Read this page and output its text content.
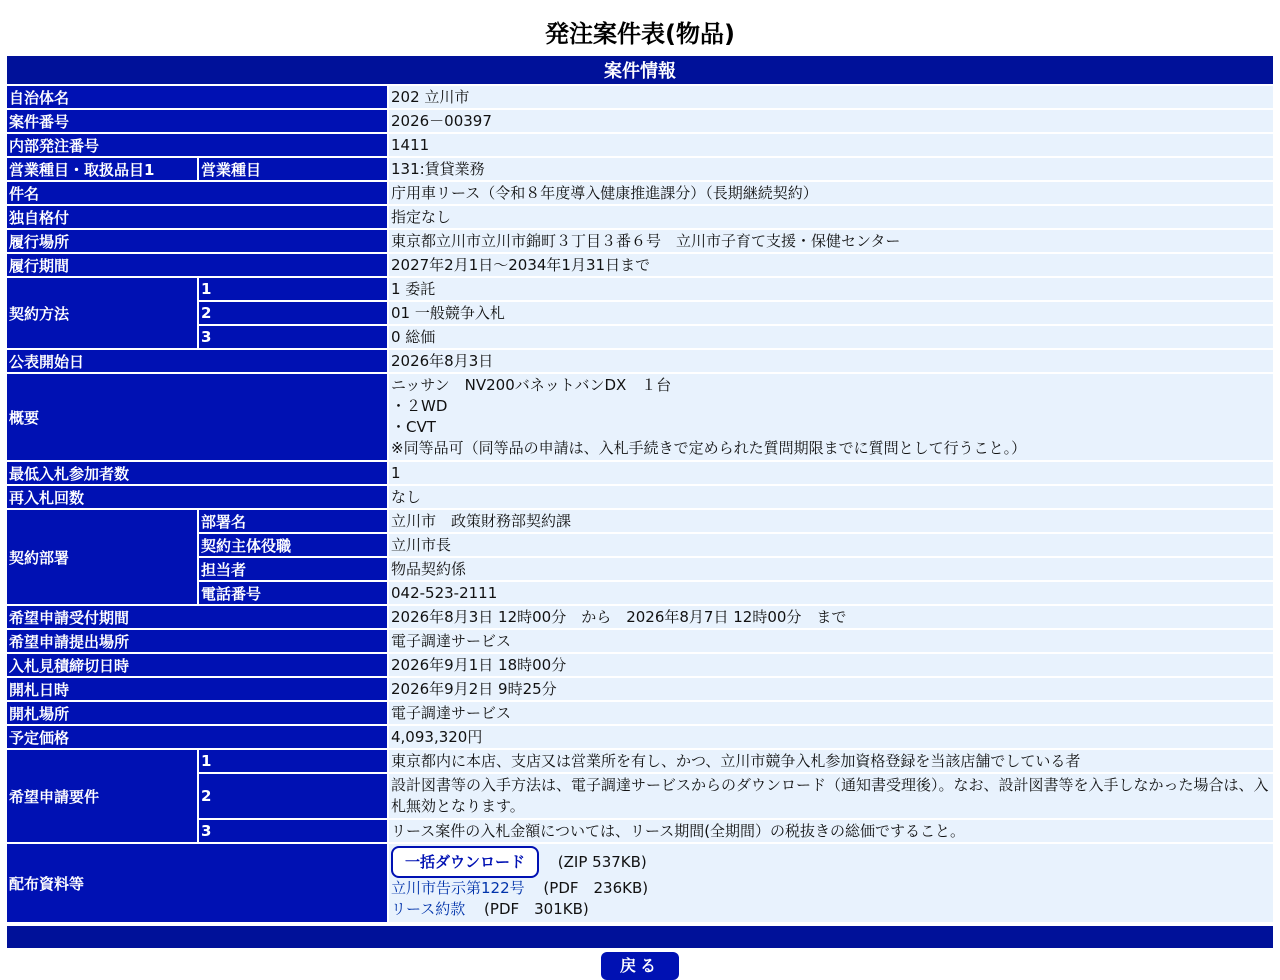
発注案件表(物品)
案件情報		
自治体名		202 立川市
案件番号		2026－00397
内部発注番号		1411
営業種目・取扱品目1	営業種目	131:賃貸業務
件名		庁用車リース（令和８年度導入健康推進課分）（長期継続契約）
独自格付		指定なし
履行場所		東京都立川市立川市錦町３丁目３番６号　立川市子育て支援・保健センター
履行期間		2027年2月1日～2034年1月31日まで
契約方法	1	1 委託
	2	01 一般競争入札
	3	0 総価
公表開始日		2026年8月3日
概要		ニッサン　NV200バネットバンDX　１台
・２WD
・CVT
※同等品可（同等品の申請は、入札手続きで定められた質問期限までに質問として行うこと。）

最低入札参加者数		1
再入札回数		なし
契約部署	部署名	立川市　政策財務部契約課
	契約主体役職	立川市長
	担当者	物品契約係
	電話番号	042-523-2111
希望申請受付期間		2026年8月3日 12時00分　から　2026年8月7日 12時00分　まで
希望申請提出場所		電子調達サービス
入札見積締切日時		2026年9月1日 18時00分
開札日時		2026年9月2日 9時25分
開札場所		電子調達サービス
予定価格		4,093,320円
希望申請要件	1	東京都内に本店、支店又は営業所を有し、かつ、立川市競争入札参加資格登録を当該店舗でしている者
	2	設計図書等の入手方法は、電子調達サービスからのダウンロード（通知書受理後）。なお、設計図書等を入手しなかった場合は、入札無効となります。
	3	リース案件の入札金額については、リース期間(全期間）の税抜きの総価ですること。
配布資料等		一括ダウンロード (ZIP 537KB)
立川市告示第122号 (PDF　236KB)
リース約款 (PDF　301KB)
戻る
